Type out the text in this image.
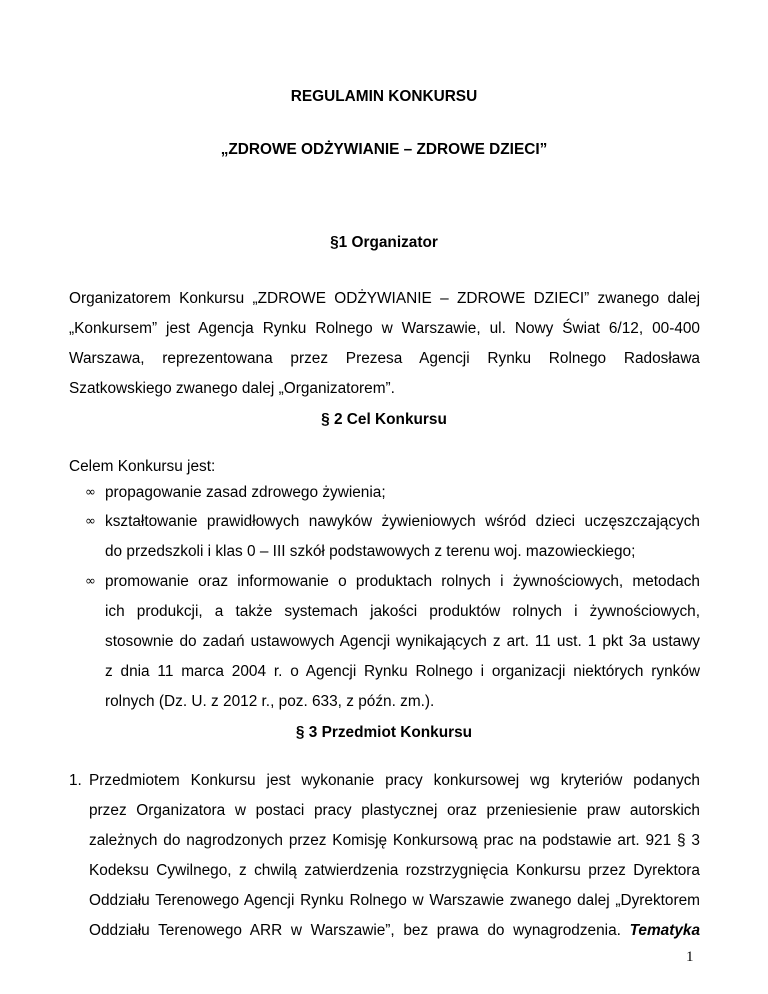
REGULAMIN KONKURSU
„ZDROWE ODŻYWIANIE – ZDROWE DZIECI”
§1 Organizator
Organizatorem Konkursu „ZDROWE ODŻYWIANIE – ZDROWE DZIECI” zwanego dalej
„Konkursem” jest Agencja Rynku Rolnego w Warszawie, ul. Nowy Świat 6/12, 00-400
Warszawa, reprezentowana przez Prezesa Agencji Rynku Rolnego Radosława
Szatkowskiego zwanego dalej „Organizatorem”.
§ 2 Cel Konkursu
Celem Konkursu jest:
∞ propagowanie zasad zdrowego żywienia;
∞ kształtowanie prawidłowych nawyków żywieniowych wśród dzieci uczęszczających
do przedszkoli i klas 0 – III szkół podstawowych z terenu woj. mazowieckiego;
∞ promowanie oraz informowanie o produktach rolnych i żywnościowych, metodach
ich produkcji, a także systemach jakości produktów rolnych i żywnościowych,
stosownie do zadań ustawowych Agencji wynikających z art. 11 ust. 1 pkt 3a ustawy
z dnia 11 marca 2004 r. o Agencji Rynku Rolnego i organizacji niektórych rynków
rolnych (Dz. U. z 2012 r., poz. 633, z późn. zm.).
§ 3 Przedmiot Konkursu
1. Przedmiotem Konkursu jest wykonanie pracy konkursowej wg kryteriów podanych
przez Organizatora w postaci pracy plastycznej oraz przeniesienie praw autorskich
zależnych do nagrodzonych przez Komisję Konkursową prac na podstawie art. 921 § 3
Kodeksu Cywilnego, z chwilą zatwierdzenia rozstrzygnięcia Konkursu przez Dyrektora
Oddziału Terenowego Agencji Rynku Rolnego w Warszawie zwanego dalej „Dyrektorem
Oddziału Terenowego ARR w Warszawie”, bez prawa do wynagrodzenia. Tematyka
1
